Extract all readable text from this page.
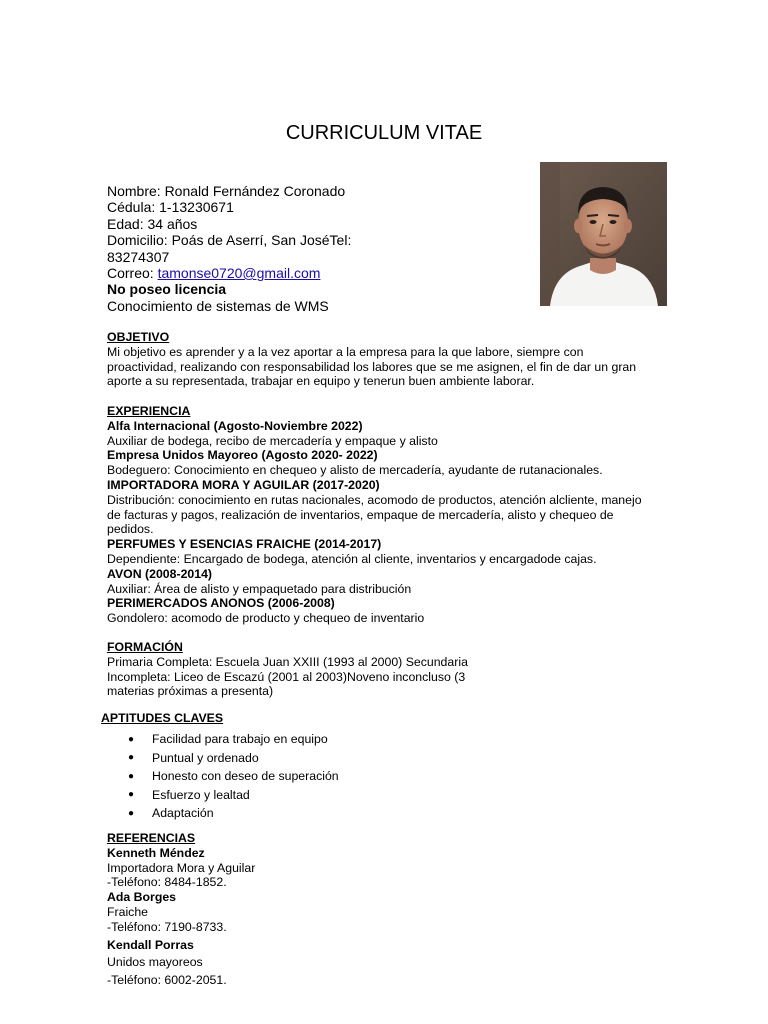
CURRICULUM VITAE
Nombre: Ronald Fernández Coronado
Cédula: 1-13230671
Edad: 34 años
Domicilio: Poás de Aserrí, San JoséTel:
83274307
Correo: tamonse0720@gmail.com
No poseo licencia
Conocimiento de sistemas de WMS
OBJETIVO
Mi objetivo es aprender y a la vez aportar a la empresa para la que labore, siempre con
proactividad, realizando con responsabilidad los labores que se me asignen, el fin de dar un gran
aporte a su representada, trabajar en equipo y tenerun buen ambiente laborar.
EXPERIENCIA
Alfa Internacional (Agosto-Noviembre 2022)
Auxiliar de bodega, recibo de mercadería y empaque y alisto
Empresa Unidos Mayoreo (Agosto 2020- 2022)
Bodeguero: Conocimiento en chequeo y alisto de mercadería, ayudante de rutanacionales.
IMPORTADORA MORA Y AGUILAR (2017-2020)
Distribución: conocimiento en rutas nacionales, acomodo de productos, atención alcliente, manejo
de facturas y pagos, realización de inventarios, empaque de mercadería, alisto y chequeo de
pedidos.
PERFUMES Y ESENCIAS FRAICHE (2014-2017)
Dependiente: Encargado de bodega, atención al cliente, inventarios y encargadode cajas.
AVON (2008-2014)
Auxiliar: Área de alisto y empaquetado para distribución
PERIMERCADOS ANONOS (2006-2008)
Gondolero: acomodo de producto y chequeo de inventario
FORMACIÓN
Primaria Completa: Escuela Juan XXIII (1993 al 2000) Secundaria
Incompleta: Liceo de Escazú (2001 al 2003)Noveno inconcluso (3
materias próximas a presenta)
APTITUDES CLAVES
●	Facilidad para trabajo en equipo
●	Puntual y ordenado
●	Honesto con deseo de superación
●	Esfuerzo y lealtad
●	Adaptación
REFERENCIAS
Kenneth Méndez
Importadora Mora y Aguilar
-Teléfono: 8484-1852.
Ada Borges
Fraiche
-Teléfono: 7190-8733.
Kendall Porras
Unidos mayoreos
-Teléfono: 6002-2051.
